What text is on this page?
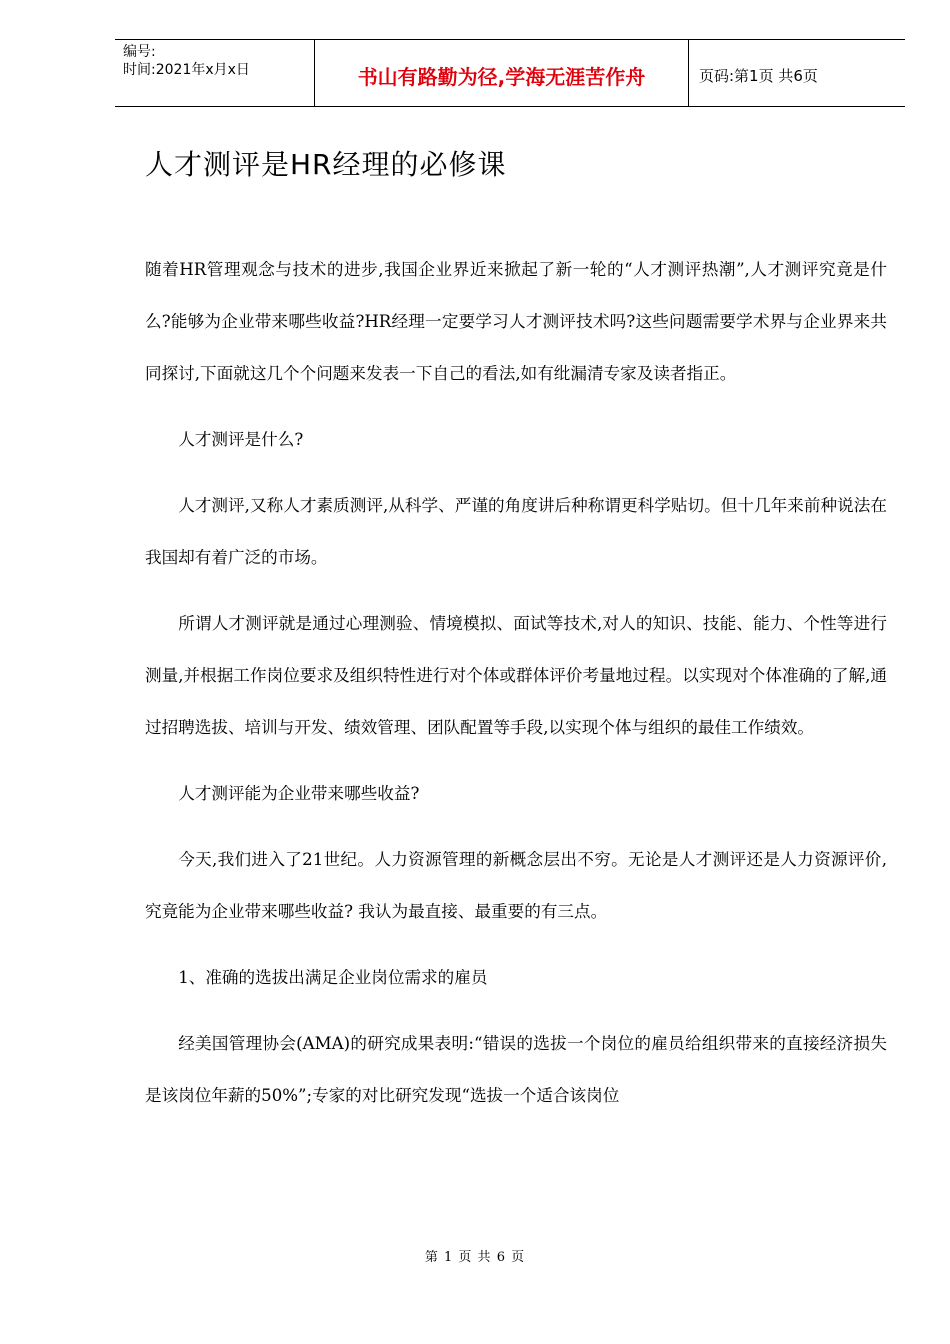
编号:
时间:2021年x月x日	书山有路勤为径,学海无涯苦作舟	页码:第1页 共6页
人才测评是HR经理的必修课

随着HR管理观念与技术的进步,我国企业界近来掀起了新一轮的“人才测评热潮”,人才测评究竟是什么?能够为企业带来哪些收益?HR经理一定要学习人才测评技术吗?这些问题需要学术界与企业界来共同探讨,下面就这几个个问题来发表一下自己的看法,如有纰漏清专家及读者指正。

人才测评是什么?

人才测评,又称人才素质测评,从科学、严谨的角度讲后种称谓更科学贴切。但十几年来前种说法在我国却有着广泛的市场。

所谓人才测评就是通过心理测验、情境模拟、面试等技术,对人的知识、技能、能力、个性等进行测量,并根据工作岗位要求及组织特性进行对个体或群体评价考量地过程。以实现对个体准确的了解,通过招聘选拔、培训与开发、绩效管理、团队配置等手段,以实现个体与组织的最佳工作绩效。

人才测评能为企业带来哪些收益?

今天,我们进入了21世纪。人力资源管理的新概念层出不穷。无论是人才测评还是人力资源评价,究竟能为企业带来哪些收益? 我认为最直接、最重要的有三点。

1、准确的选拔出满足企业岗位需求的雇员

经美国管理协会(AMA)的研究成果表明:“错误的选拔一个岗位的雇员给组织带来的直接经济损失是该岗位年薪的50%”;专家的对比研究发现“选拔一个适合该岗位

第 1 页 共 6 页
